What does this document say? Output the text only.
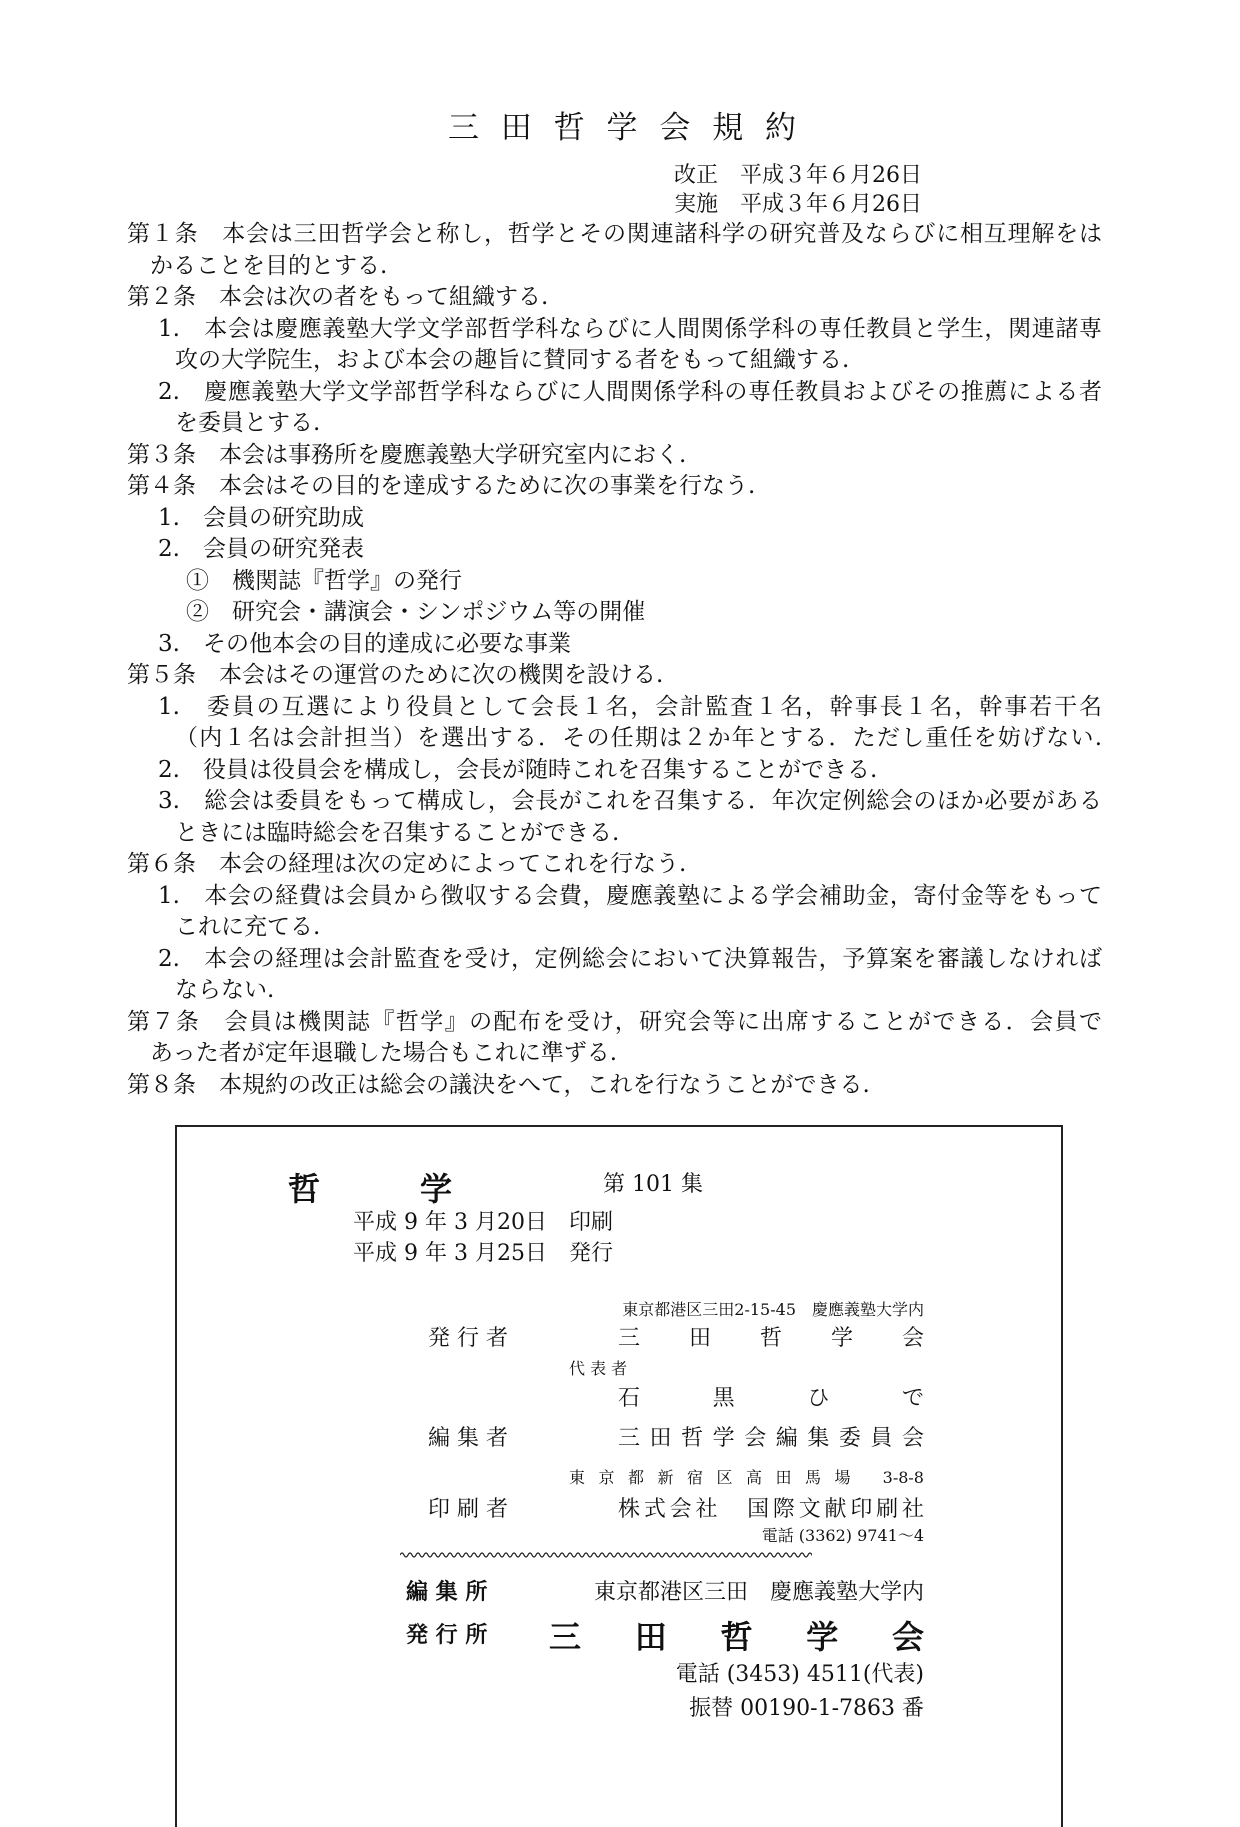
三 田 哲 学 会 規 約
改正　平成３年６月26日
実施　平成３年６月26日
第１条　本会は三田哲学会と称し，哲学とその関連諸科学の研究普及ならびに相互理解をは
かることを目的とする.
第２条　本会は次の者をもって組織する.
1.　本会は慶應義塾大学文学部哲学科ならびに人間関係学科の専任教員と学生，関連諸専
攻の大学院生，および本会の趣旨に賛同する者をもって組織する.
2.　慶應義塾大学文学部哲学科ならびに人間関係学科の専任教員およびその推薦による者
を委員とする.
第３条　本会は事務所を慶應義塾大学研究室内におく.
第４条　本会はその目的を達成するために次の事業を行なう.
1.　会員の研究助成
2.　会員の研究発表
①　機関誌『哲学』の発行
②　研究会・講演会・シンポジウム等の開催
3.　その他本会の目的達成に必要な事業
第５条　本会はその運営のために次の機関を設ける.
1.　委員の互選により役員として会長１名，会計監査１名，幹事長１名，幹事若干名
（内１名は会計担当）を選出する．その任期は２か年とする．ただし重任を妨げない.
2.　役員は役員会を構成し，会長が随時これを召集することができる.
3.　総会は委員をもって構成し，会長がこれを召集する．年次定例総会のほか必要がある
ときには臨時総会を召集することができる.
第６条　本会の経理は次の定めによってこれを行なう.
1.　本会の経費は会員から徴収する会費，慶應義塾による学会補助金，寄付金等をもって
これに充てる.
2.　本会の経理は会計監査を受け，定例総会において決算報告，予算案を審議しなければ
ならない.
第７条　会員は機関誌『哲学』の配布を受け，研究会等に出席することができる．会員で
あった者が定年退職した場合もこれに準ずる.
第８条　本規約の改正は総会の議決をへて，これを行なうことができる.
哲	学	第 101 集
平成 9 年 3 月20日　印刷
平成 9 年 3 月25日　発行
東京都港区三田2-15-45　慶應義塾大学内
発 行 者	三田哲学会
代 表 者
石黒ひで
編 集 者	三田哲学会編集委員会
東京都新宿区高田馬場 3-8-8
印 刷 者	株式会社　国際文献印刷社
電話 (3362) 9741～4
編 集 所	東京都港区三田　慶應義塾大学内
発 行 所 三田哲学会
電話 (3453) 4511(代表)
振替 00190-1-7863 番
